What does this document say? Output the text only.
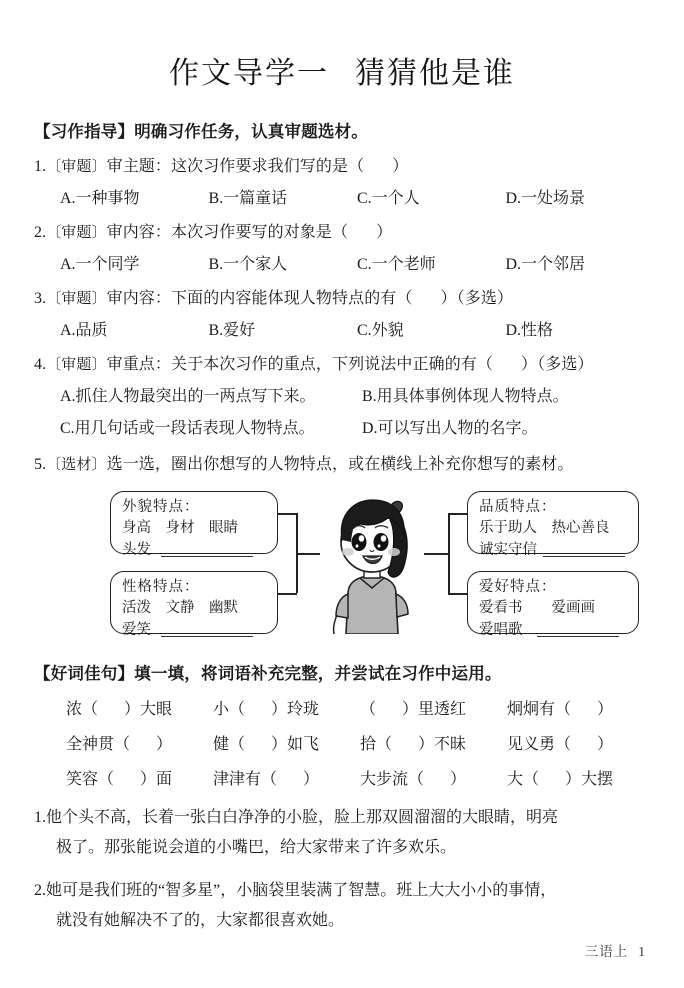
作文导学一 猜猜他是谁
【习作指导】明确习作任务，认真审题选材。
1.〔审题〕审主题：这次习作要求我们写的是（ ）
A.一种事物	B.一篇童话	C.一个人	D.一处场景
2.〔审题〕审内容：本次习作要写的对象是（ ）
A.一个同学	B.一个家人	C.一个老师	D.一个邻居
3.〔审题〕审内容：下面的内容能体现人物特点的有（ ）（多选）
A.品质	B.爱好	C.外貌	D.性格
4.〔审题〕审重点：关于本次习作的重点，下列说法中正确的有（ ）（多选）
A.抓住人物最突出的一两点写下来。	B.用具体事例体现人物特点。
C.用几句话或一段话表现人物特点。	D.可以写出人物的名字。
5.〔选材〕选一选，圈出你想写的人物特点，或在横线上补充你想写的素材。
外貌特点：
身高　身材　眼睛
头发
性格特点：
活泼　文静　幽默
爱笑
品质特点：
乐于助人　热心善良
诚实守信
爱好特点：
爱看书　　爱画画
爱唱歌
【好词佳句】填一填，将词语补充完整，并尝试在习作中运用。
浓（ ）大眼	小（ ）玲珑	（ ）里透红	炯炯有（ ）
全神贯（ ）	健（ ）如飞	拾（ ）不昧	见义勇（ ）
笑容（ ）面	津津有（ ）	大步流（ ）	大（ ）大摆
1.他个头不高，长着一张白白净净的小脸，脸上那双圆溜溜的大眼睛，明亮
极了。那张能说会道的小嘴巴，给大家带来了许多欢乐。
2.她可是我们班的“智多星”，小脑袋里装满了智慧。班上大大小小的事情，
就没有她解决不了的，大家都很喜欢她。
三语上 1
